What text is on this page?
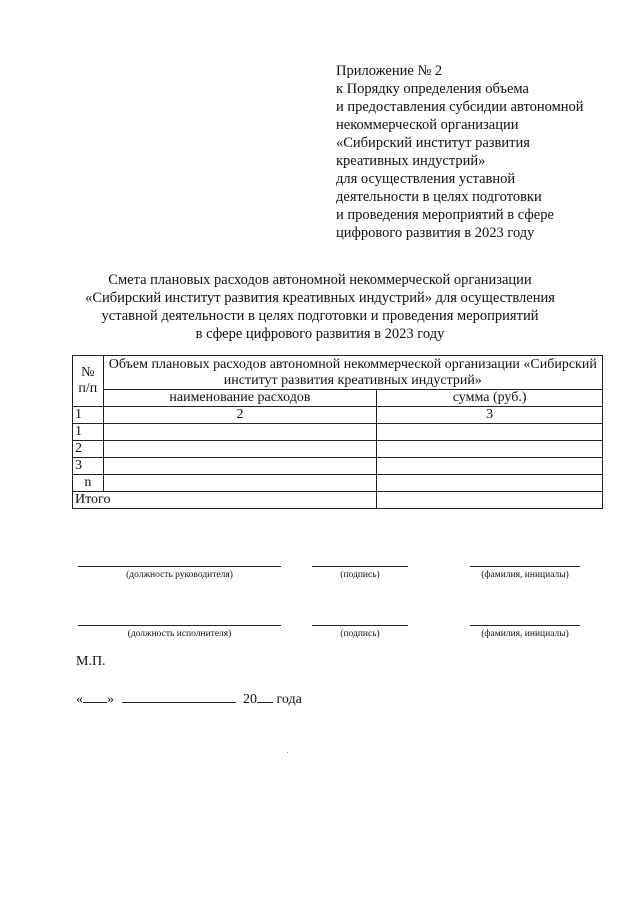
Приложение № 2
к Порядку определения объема
и предоставления субсидии автономной
некоммерческой организации
«Сибирский институт развития
креативных индустрий»
для осуществления уставной
деятельности в целях подготовки
и проведения мероприятий в сфере
цифрового развития в 2023 году
Смета плановых расходов автономной некоммерческой организации
«Сибирский институт развития креативных индустрий» для осуществления
уставной деятельности в целях подготовки и проведения мероприятий
в сфере цифрового развития в 2023 году
№ п/п	Объем плановых расходов автономной некоммерческой организации «Сибирский институт развития креативных индустрий»	
	наименование расходов	сумма (руб.)
1	2	3
1		
2		
3		
n		
Итого		
(должность руководителя)	(подпись)	(фамилия, инициалы)
(должность исполнителя)	(подпись)	(фамилия, инициалы)
М.П.
« »	20 года
